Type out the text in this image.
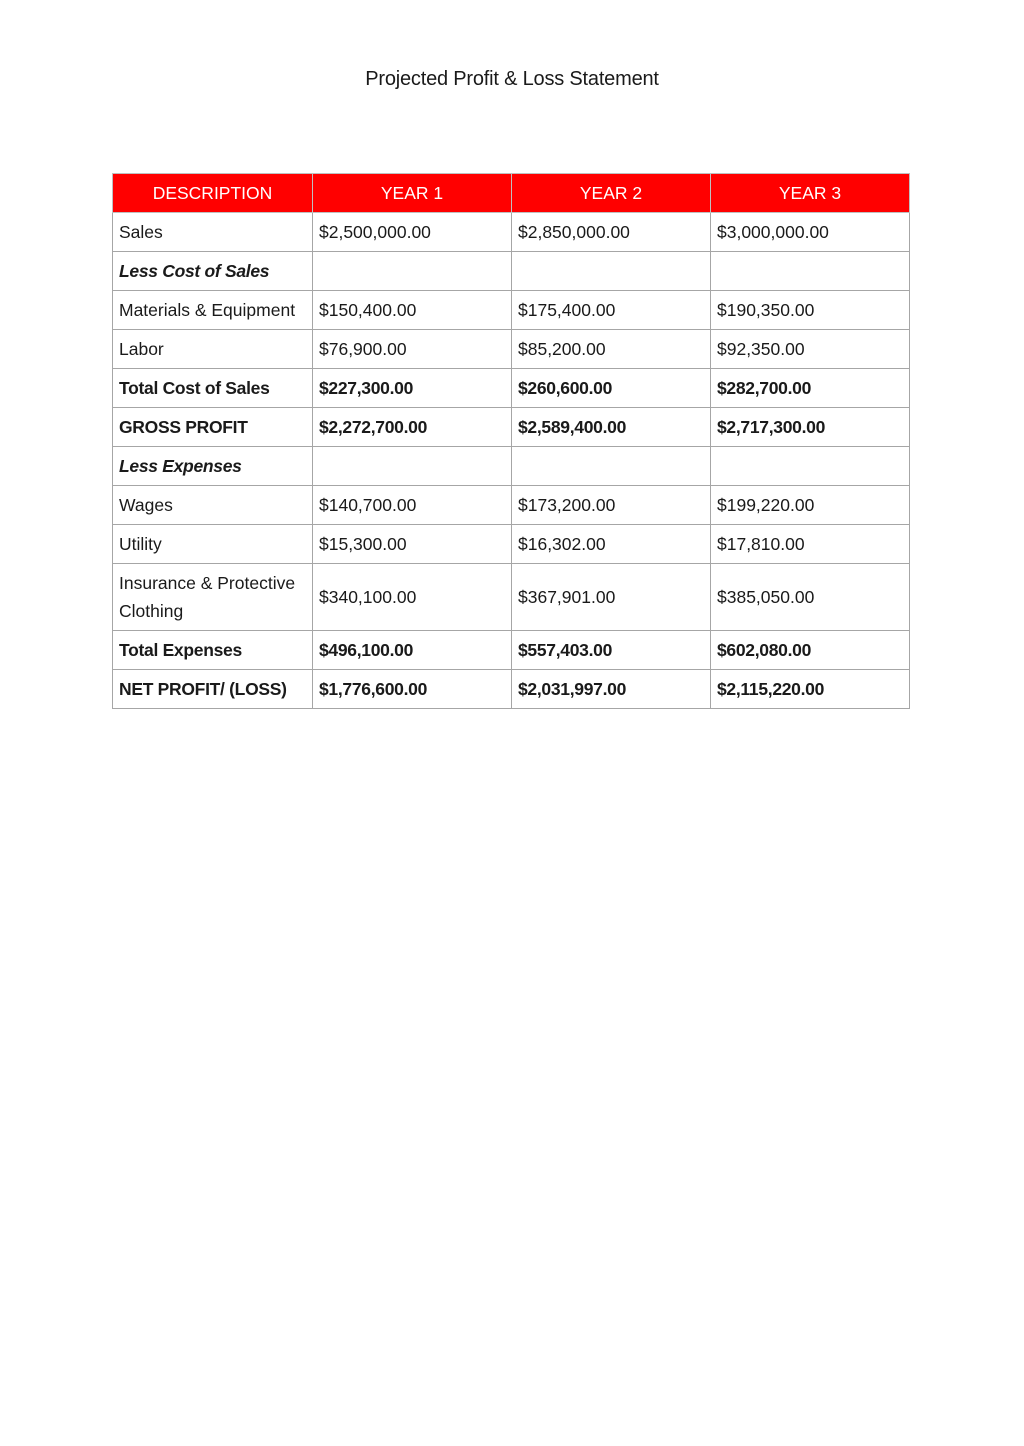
Projected Profit & Loss Statement
DESCRIPTION	YEAR 1	YEAR 2	YEAR 3
Sales	$2,500,000.00	$2,850,000.00	$3,000,000.00
Less Cost of Sales			
Materials & Equipment	$150,400.00	$175,400.00	$190,350.00
Labor	$76,900.00	$85,200.00	$92,350.00
Total Cost of Sales	$227,300.00	$260,600.00	$282,700.00
GROSS PROFIT	$2,272,700.00	$2,589,400.00	$2,717,300.00
Less Expenses			
Wages	$140,700.00	$173,200.00	$199,220.00
Utility	$15,300.00	$16,302.00	$17,810.00
Insurance & Protective Clothing	$340,100.00	$367,901.00	$385,050.00
Total Expenses	$496,100.00	$557,403.00	$602,080.00
NET PROFIT/ (LOSS)	$1,776,600.00	$2,031,997.00	$2,115,220.00
